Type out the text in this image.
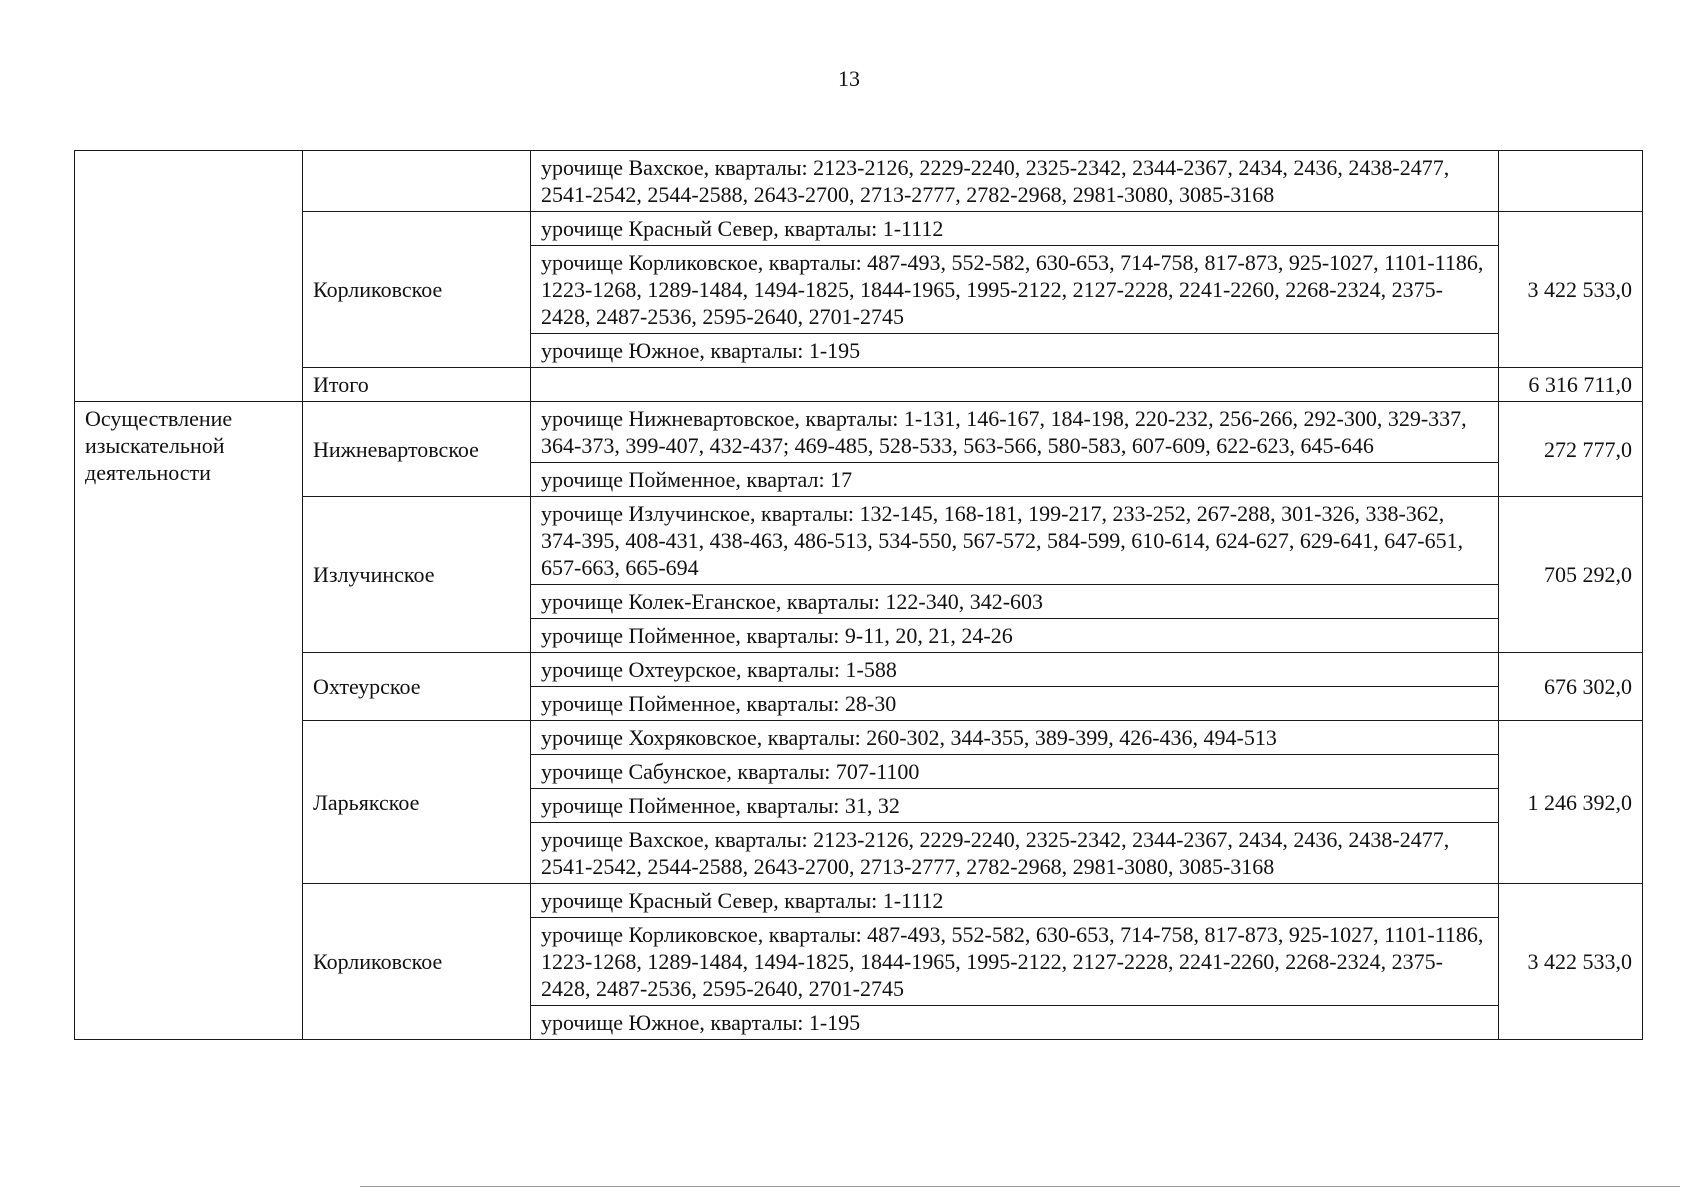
13
		урочище Вахское, кварталы: 2123-2126, 2229-2240, 2325-2342, 2344-2367, 2434, 2436, 2438-2477, 2541-2542, 2544-2588, 2643-2700, 2713-2777, 2782-2968, 2981-3080, 3085-3168	
	Корликовское	урочище Красный Север, кварталы: 1-1112	3 422 533,0
		урочище Корликовское, кварталы: 487-493, 552-582, 630-653, 714-758, 817-873, 925-1027, 1101-1186, 1223-1268, 1289-1484, 1494-1825, 1844-1965, 1995-2122, 2127-2228, 2241-2260, 2268-2324, 2375-2428, 2487-2536, 2595-2640, 2701-2745	
		урочище Южное, кварталы: 1-195	
	Итого		6 316 711,0
Осуществление изыскательной деятельности	Нижневартовское	урочище Нижневартовское, кварталы: 1-131, 146-167, 184-198, 220-232, 256-266, 292-300, 329-337, 364-373, 399-407, 432-437; 469-485, 528-533, 563-566, 580-583, 607-609, 622-623, 645-646	272 777,0
		урочище Пойменное, квартал: 17	
	Излучинское	урочище Излучинское, кварталы: 132-145, 168-181, 199-217, 233-252, 267-288, 301-326, 338-362, 374-395, 408-431, 438-463, 486-513, 534-550, 567-572, 584-599, 610-614, 624-627, 629-641, 647-651, 657-663, 665-694	705 292,0
		урочище Колек-Еганское, кварталы: 122-340, 342-603	
		урочище Пойменное, кварталы: 9-11, 20, 21, 24-26	
	Охтеурское	урочище Охтеурское, кварталы: 1-588	676 302,0
		урочище Пойменное, кварталы: 28-30	
	Ларьякское	урочище Хохряковское, кварталы: 260-302, 344-355, 389-399, 426-436, 494-513	1 246 392,0
		урочище Сабунское, кварталы: 707-1100	
		урочище Пойменное, кварталы: 31, 32	
		урочище Вахское, кварталы: 2123-2126, 2229-2240, 2325-2342, 2344-2367, 2434, 2436, 2438-2477, 2541-2542, 2544-2588, 2643-2700, 2713-2777, 2782-2968, 2981-3080, 3085-3168	
	Корликовское	урочище Красный Север, кварталы: 1-1112	3 422 533,0
		урочище Корликовское, кварталы: 487-493, 552-582, 630-653, 714-758, 817-873, 925-1027, 1101-1186, 1223-1268, 1289-1484, 1494-1825, 1844-1965, 1995-2122, 2127-2228, 2241-2260, 2268-2324, 2375-2428, 2487-2536, 2595-2640, 2701-2745	
		урочище Южное, кварталы: 1-195	
